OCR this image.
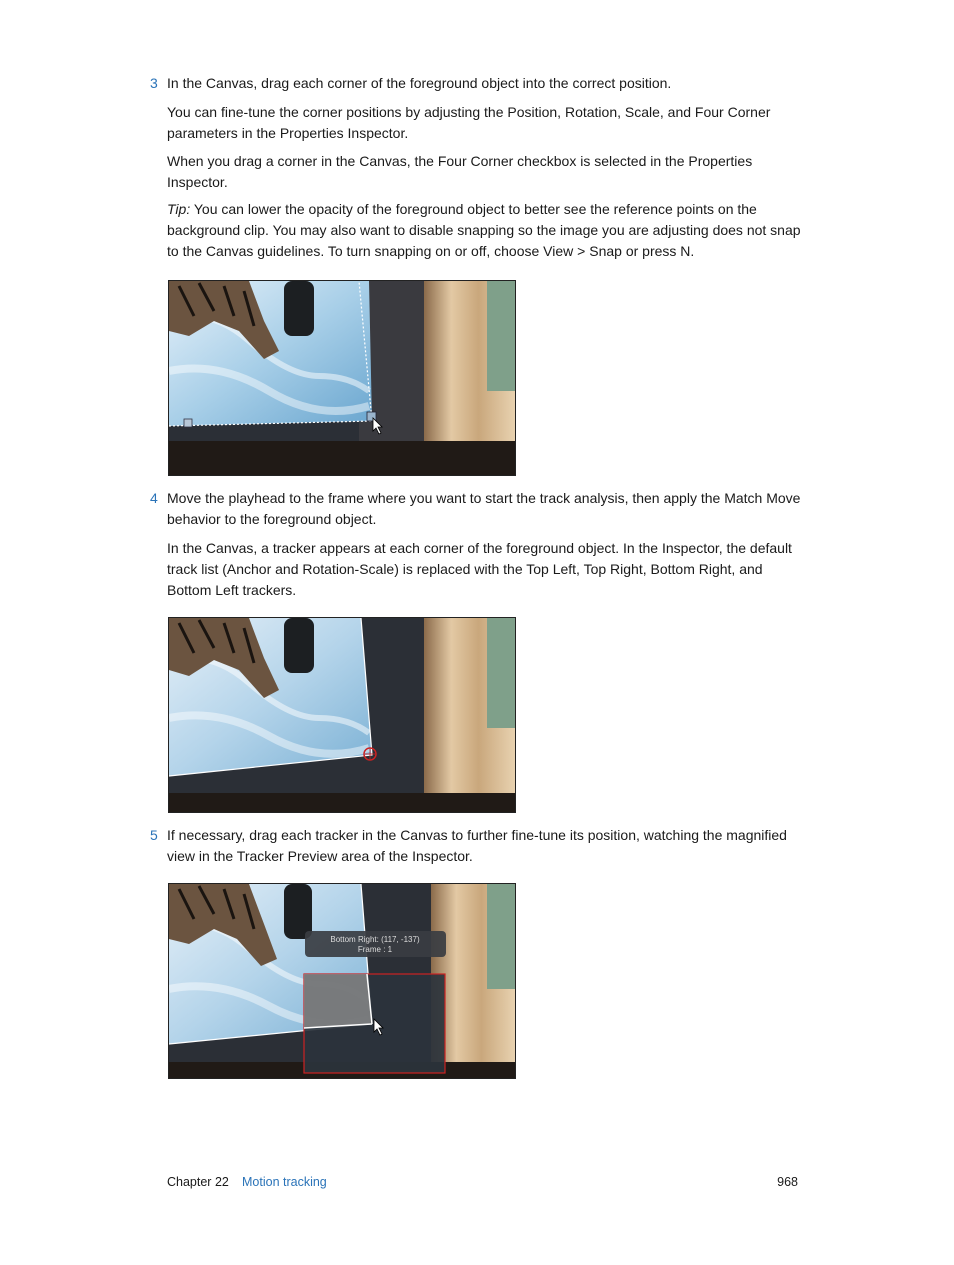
3 In the Canvas, drag each corner of the foreground object into the correct position.

You can fine-tune the corner positions by adjusting the Position, Rotation, Scale, and Four Corner parameters in the Properties Inspector.

When you drag a corner in the Canvas, the Four Corner checkbox is selected in the Properties Inspector.

Tip: You can lower the opacity of the foreground object to better see the reference points on the background clip. You may also want to disable snapping so the image you are adjusting does not snap to the Canvas guidelines. To turn snapping on or off, choose View > Snap or press N.

4 Move the playhead to the frame where you want to start the track analysis, then apply the Match Move behavior to the foreground object.

In the Canvas, a tracker appears at each corner of the foreground object. In the Inspector, the default track list (Anchor and Rotation-Scale) is replaced with the Top Left, Top Right, Bottom Right, and Bottom Left trackers.

5 If necessary, drag each tracker in the Canvas to further fine-tune its position, watching the magnified view in the Tracker Preview area of the Inspector.

Bottom Right: (117, -137)
Frame : 1
Chapter 22 Motion tracking	968
